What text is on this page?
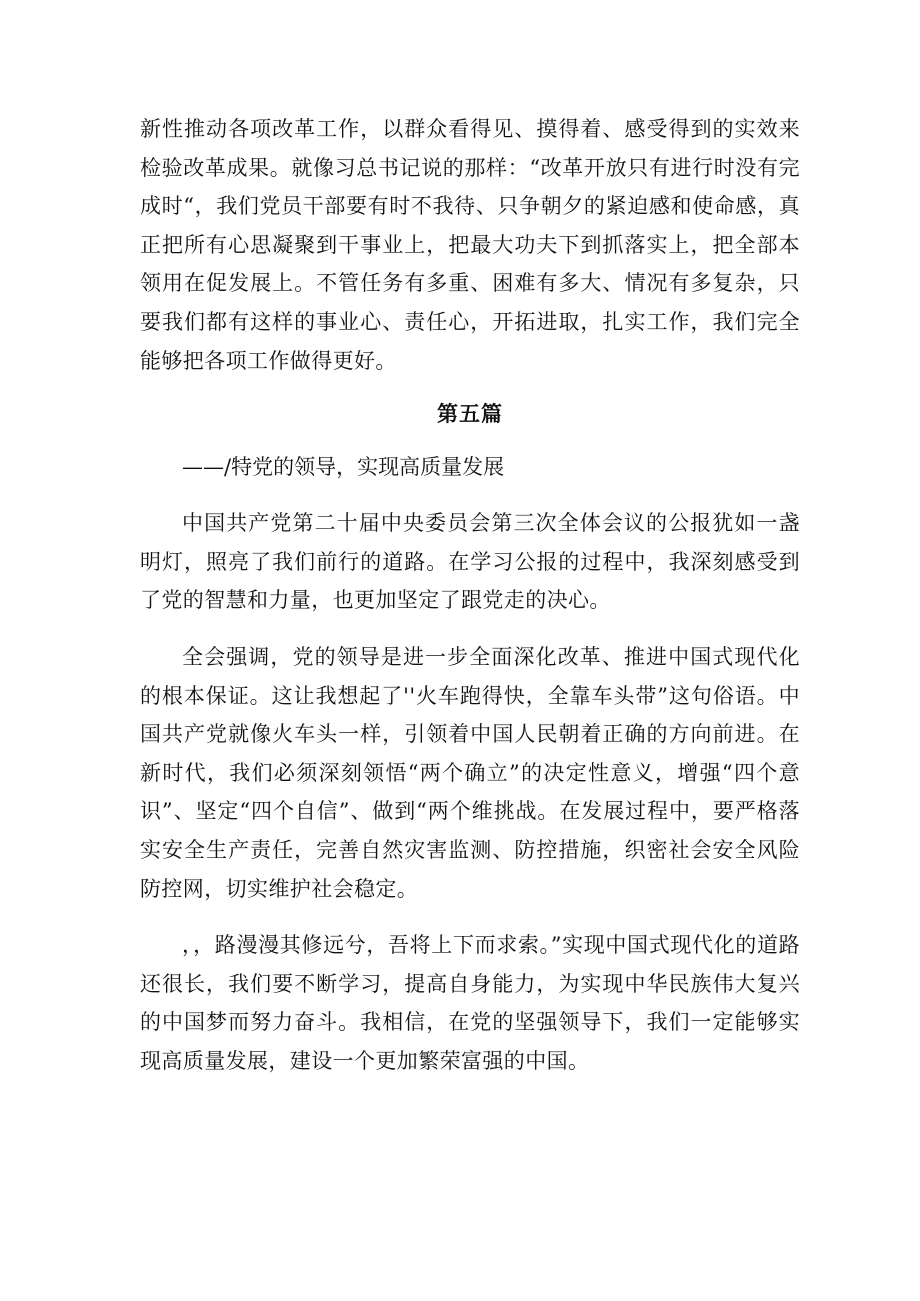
新性推动各项改革工作，以群众看得见、摸得着、感受得到的实效来检验改革成果。就像习总书记说的那样：“改革开放只有进行时没有完成时“，我们党员干部要有时不我待、只争朝夕的紧迫感和使命感，真正把所有心思凝聚到干事业上，把最大功夫下到抓落实上，把全部本领用在促发展上。不管任务有多重、困难有多大、情况有多复杂，只要我们都有这样的事业心、责任心，开拓进取，扎实工作，我们完全能够把各项工作做得更好。

第五篇

——/特党的领导，实现高质量发展

中国共产党第二十届中央委员会第三次全体会议的公报犹如一盏明灯，照亮了我们前行的道路。在学习公报的过程中，我深刻感受到了党的智慧和力量，也更加坚定了跟党走的决心。

全会强调，党的领导是进一步全面深化改革、推进中国式现代化的根本保证。这让我想起了''火车跑得快，全靠车头带”这句俗语。中国共产党就像火车头一样，引领着中国人民朝着正确的方向前进。在新时代，我们必须深刻领悟“两个确立”的决定性意义，增强“四个意识”、坚定“四个自信”、做到“两个维挑战。在发展过程中，要严格落实安全生产责任，完善自然灾害监测、防控措施，织密社会安全风险防控网，切实维护社会稳定。

，，路漫漫其修远兮，吾将上下而求索。”实现中国式现代化的道路还很长，我们要不断学习，提高自身能力，为实现中华民族伟大复兴的中国梦而努力奋斗。我相信，在党的坚强领导下，我们一定能够实现高质量发展，建设一个更加繁荣富强的中国。
